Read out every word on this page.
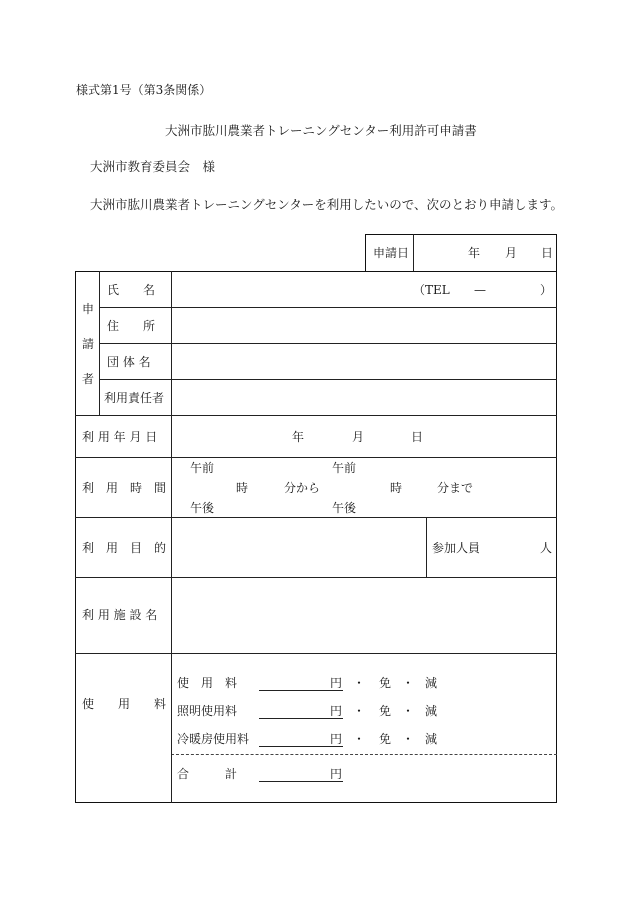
様式第1号（第3条関係）
大洲市肱川農業者トレーニングセンター利用許可申請書
大洲市教育委員会　様
大洲市肱川農業者トレーニングセンターを利用したいので、次のとおり申請します。
申請日	年 月 日
申
請
者
氏　　名	（TEL —	）
住　　所
団 体 名
利用責任者
利 用 年 月 日	年	月	日
利　用　時　間
午前
午後
時	分から
午前
午後
時	分まで
利　用　目　的	参加人員	人
利 用 施 設 名
使　　用　　料
使　用　料	円 ・ 免 ・ 減
照明使用料	円 ・ 免 ・ 減
冷暖房使用料	円 ・ 免 ・ 減
合　　　計	円
